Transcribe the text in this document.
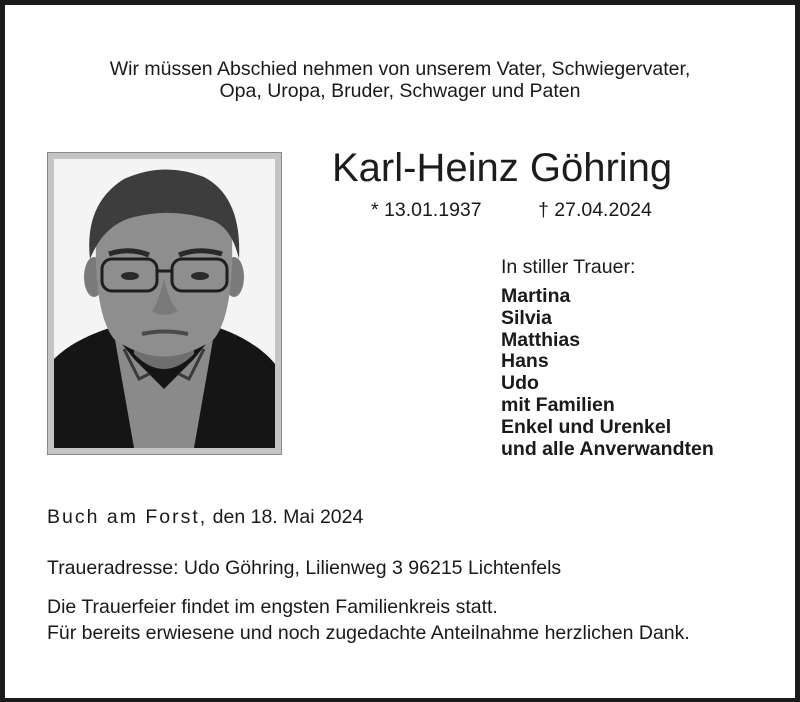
Wir müssen Abschied nehmen von unserem Vater, Schwiegervater,
Opa, Uropa, Bruder, Schwager und Paten
Karl-Heinz Göhring
* 13.01.1937	† 27.04.2024
In stiller Trauer:
Martina
Silvia
Matthias
Hans
Udo
mit Familien
Enkel und Urenkel
und alle Anverwandten
Buch am Forst, den 18. Mai 2024
Traueradresse: Udo Göhring, Lilienweg 3 96215 Lichtenfels
Die Trauerfeier findet im engsten Familienkreis statt.
Für bereits erwiesene und noch zugedachte Anteilnahme herzlichen Dank.
